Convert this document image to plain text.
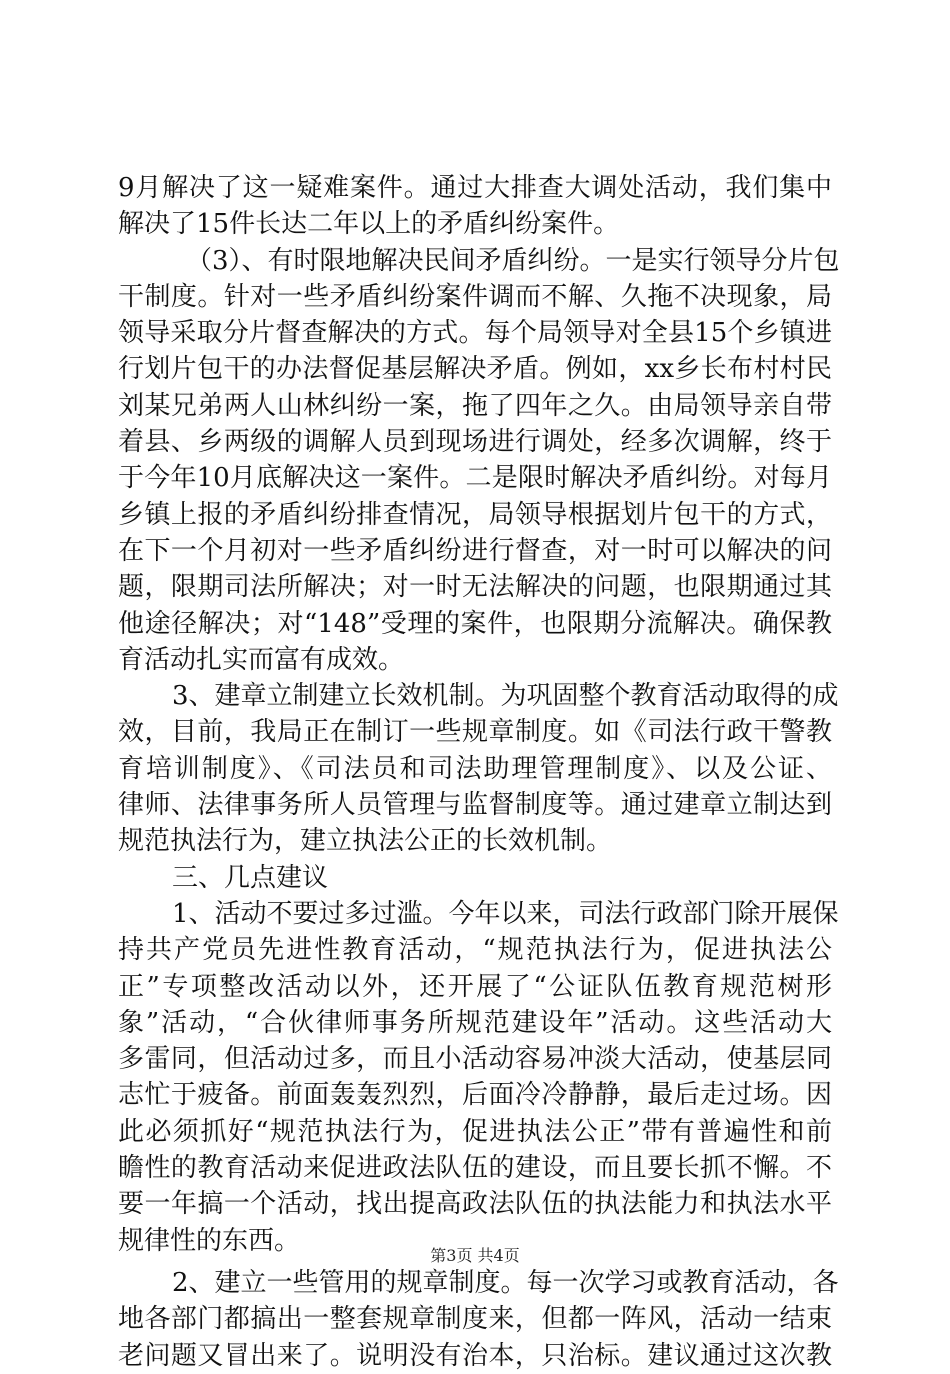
9月解决了这一疑难案件。通过大排查大调处活动，我们集中
解决了15件长达二年以上的矛盾纠纷案件。
（3）、有时限地解决民间矛盾纠纷。一是实行领导分片包
干制度。针对一些矛盾纠纷案件调而不解、久拖不决现象，局
领导采取分片督查解决的方式。每个局领导对全县15个乡镇进
行划片包干的办法督促基层解决矛盾。例如，xx乡长布村村民
刘某兄弟两人山林纠纷一案，拖了四年之久。由局领导亲自带
着县、乡两级的调解人员到现场进行调处，经多次调解，终于
于今年10月底解决这一案件。二是限时解决矛盾纠纷。对每月
乡镇上报的矛盾纠纷排查情况，局领导根据划片包干的方式，
在下一个月初对一些矛盾纠纷进行督查，对一时可以解决的问
题，限期司法所解决；对一时无法解决的问题，也限期通过其
他途径解决；对“148”受理的案件，也限期分流解决。确保教
育活动扎实而富有成效。
3、建章立制建立长效机制。为巩固整个教育活动取得的成
效，目前，我局正在制订一些规章制度。如《司法行政干警教
育培训制度》、《司法员和司法助理管理制度》、以及公证、
律师、法律事务所人员管理与监督制度等。通过建章立制达到
规范执法行为，建立执法公正的长效机制。
三、几点建议
1、活动不要过多过滥。今年以来，司法行政部门除开展保
持共产党员先进性教育活动，“规范执法行为，促进执法公
正”专项整改活动以外，还开展了“公证队伍教育规范树形
象”活动，“合伙律师事务所规范建设年”活动。这些活动大
多雷同，但活动过多，而且小活动容易冲淡大活动，使基层同
志忙于疲备。前面轰轰烈烈，后面冷冷静静，最后走过场。因
此必须抓好“规范执法行为，促进执法公正”带有普遍性和前
瞻性的教育活动来促进政法队伍的建设，而且要长抓不懈。不
要一年搞一个活动，找出提高政法队伍的执法能力和执法水平
规律性的东西。
2、建立一些管用的规章制度。每一次学习或教育活动，各
地各部门都搞出一整套规章制度来，但都一阵风，活动一结束
老问题又冒出来了。说明没有治本，只治标。建议通过这次教
第3页 共4页
